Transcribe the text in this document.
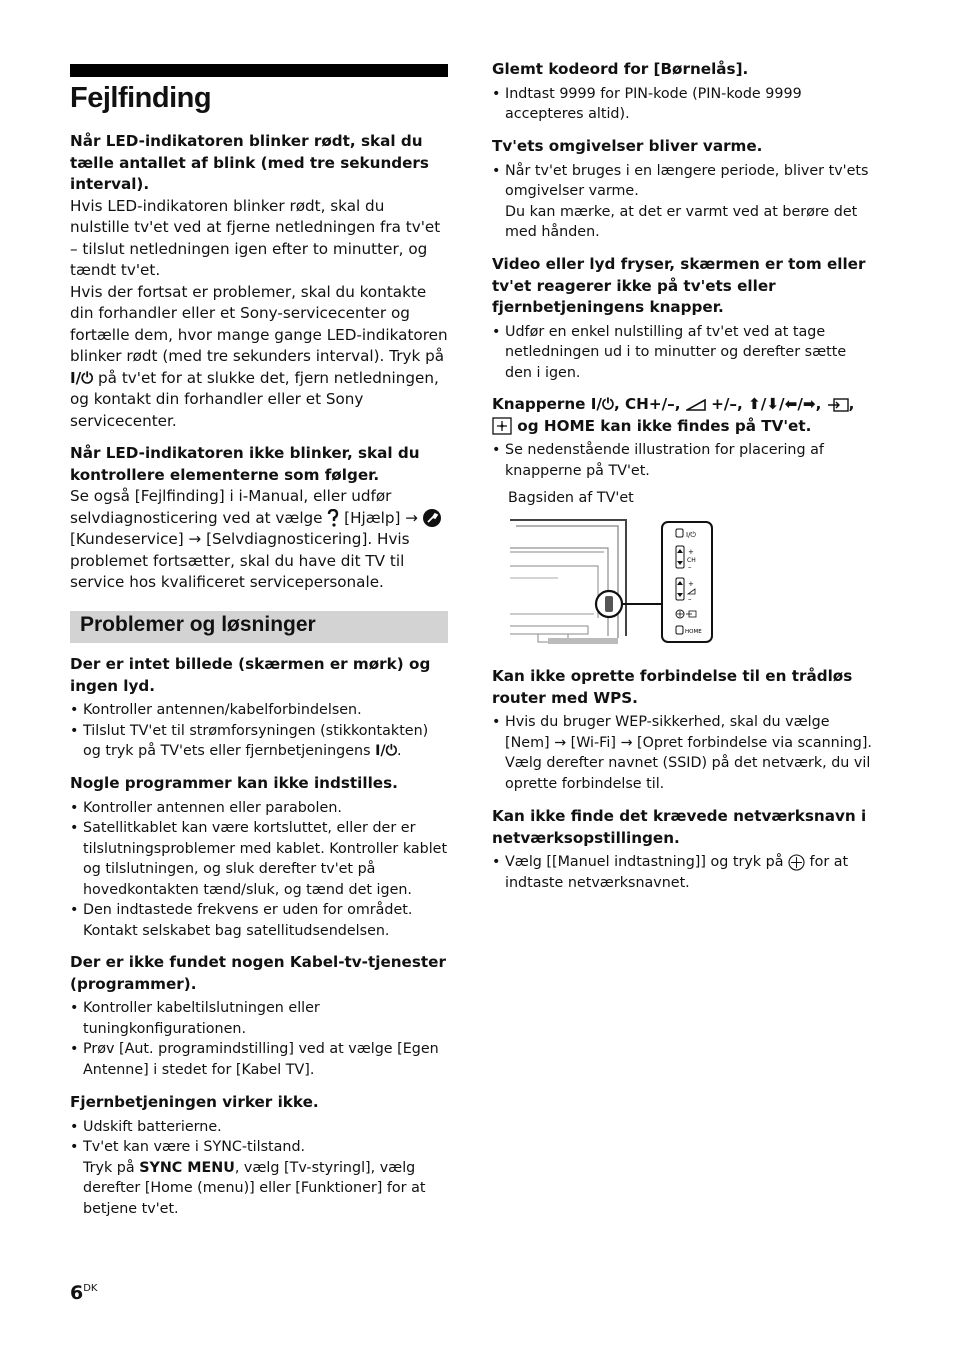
Fejlfinding

Når LED-indikatoren blinker rødt, skal du tælle antallet af blink (med tre sekunders interval).

Hvis LED-indikatoren blinker rødt, skal du nulstille tv'et ved at fjerne netledningen fra tv'et – tilslut netledningen igen efter to minutter, og tændt tv'et.

Hvis der fortsat er problemer, skal du kontakte din forhandler eller et Sony-servicecenter og fortælle dem, hvor mange gange LED-indikatoren blinker rødt (med tre sekunders interval). Tryk på I/⏻ på tv'et for at slukke det, fjern netledningen, og kontakt din forhandler eller et Sony servicecenter.

Når LED-indikatoren ikke blinker, skal du kontrollere elementerne som følger.

Se også [Fejlfinding] i i-Manual, eller udfør selvdiagnosticering ved at vælge  [Hjælp] →  [Kundeservice] → [Selvdiagnosticering]. Hvis problemet fortsætter, skal du have dit TV til service hos kvalificeret servicepersonale.

Problemer og løsninger

Der er intet billede (skærmen er mørk) og ingen lyd.

• Kontroller antennen/kabelforbindelsen.
• Tilslut TV'et til strømforsyningen (stikkontakten) og tryk på TV'ets eller fjernbetjeningens I/⏻.

Nogle programmer kan ikke indstilles.

• Kontroller antennen eller parabolen.
• Satellitkablet kan være kortsluttet, eller der er tilslutningsproblemer med kablet. Kontroller kablet og tilslutningen, og sluk derefter tv'et på hovedkontakten tænd/sluk, og tænd det igen.
• Den indtastede frekvens er uden for området. Kontakt selskabet bag satellitudsendelsen.

Der er ikke fundet nogen Kabel-tv-tjenester (programmer).

• Kontroller kabeltilslutningen eller tuningkonfigurationen.
• Prøv [Aut. programindstilling] ved at vælge [Egen Antenne] i stedet for [Kabel TV].

Fjernbetjeningen virker ikke.

• Udskift batterierne.
• Tv'et kan være i SYNC-tilstand.
Tryk på SYNC MENU, vælg [Tv-styringl], vælg derefter [Home (menu)] eller [Funktioner] for at betjene tv'et.
$6^{DK}$

Glemt kodeord for [Børnelås].

• Indtast 9999 for PIN-kode (PIN-kode 9999 accepteres altid).

Tv'ets omgivelser bliver varme.

• Når tv'et bruges i en længere periode, bliver tv'ets omgivelser varme.
Du kan mærke, at det er varmt ved at berøre det med hånden.

Video eller lyd fryser, skærmen er tom eller tv'et reagerer ikke på tv'ets eller fjernbetjeningens knapper.

• Udfør en enkel nulstilling af tv'et ved at tage netledningen ud i to minutter og derefter sætte den i igen.

Knapperne I/⏻, CH+/–,  +/–, ⬆/⬇/⬅/➡, ,
og HOME kan ikke findes på TV'et.

• Se nedenstående illustration for placering af knapperne på TV'et.
Bagsiden af TV'et
I/⏻
+
CH
–
+
–
HOME

Kan ikke oprette forbindelse til en trådløs router med WPS.

• Hvis du bruger WEP-sikkerhed, skal du vælge [Nem] → [Wi-Fi] → [Opret forbindelse via scanning]. Vælg derefter navnet (SSID) på det netværk, du vil oprette forbindelse til.

Kan ikke finde det krævede netværksnavn i netværksopstillingen.

• Vælg [[Manuel indtastning]] og tryk på  for at indtaste netværksnavnet.
